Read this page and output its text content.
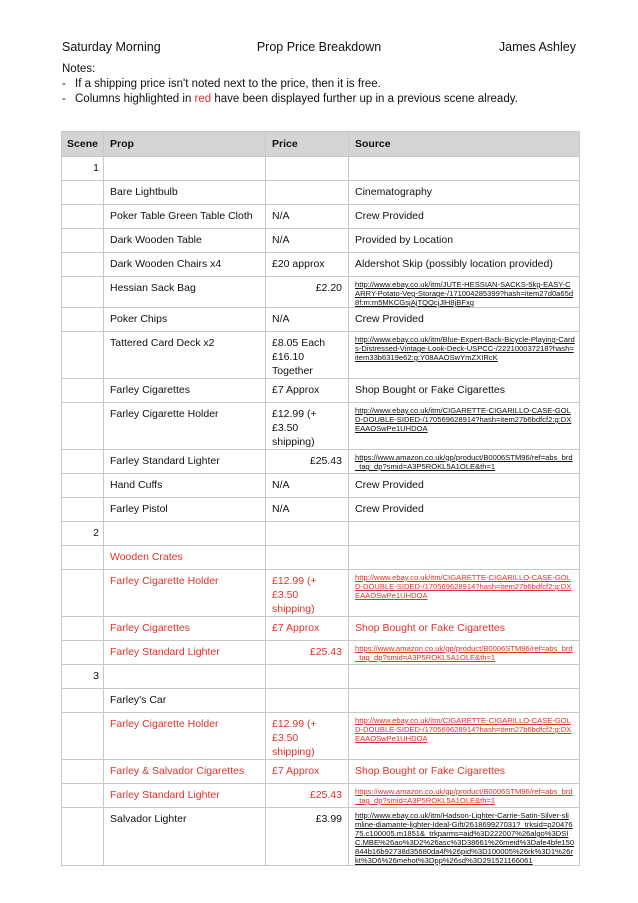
Saturday Morning	Prop Price Breakdown	James Ashley
Notes:
- If a shipping price isn't noted next to the price, then it is free.
- Columns highlighted in red have been displayed further up in a previous scene already.
Scene	Prop	Price	Source

1			

	Bare Lightbulb		Cinematography

	Poker Table Green Table Cloth	N/A	Crew Provided

	Dark Wooden Table	N/A	Provided by Location

	Dark Wooden Chairs x4	£20 approx	Aldershot Skip (possibly location provided)

	Hessian Sack Bag	£2.20	http://www.ebay.co.uk/itm/JUTE-HESSIAN-SACKS-5kg-EASY-CARRY-Potato-Veg-Storage-/171004285399?hash=item27d0a65d8f:m:m5MKCGsjAjTQQcjJlH8jBFxg

	Poker Chips	N/A	Crew Provided

	Tattered Card Deck x2	£8.05 Each £16.10 Together	http://www.ebay.co.uk/itm/Blue-Expert-Back-Bicycle-Playing-Cards-Distressed-Vintage-Look-Deck-USPCC-/222100037218?hash=item33b6319e62:g:Y08AAOSwYmZXIRcK

	Farley Cigarettes	£7 Approx	Shop Bought or Fake Cigarettes

	Farley Cigarette Holder	£12.99 (+£3.50 shipping)	http://www.ebay.co.uk/itm/CIGARETTE-CIGARILLO-CASE-GOLD-DOUBLE-SIDED-/170569628914?hash=item27b6bdfcf2:g:DXEAAOSwPe1UHDOA

	Farley Standard Lighter	£25.43	https://www.amazon.co.uk/gp/product/B0006STM96/ref=abs_brd_tag_dp?smid=A3P5ROKL5A1OLE&th=1

	Hand Cuffs	N/A	Crew Provided

	Farley Pistol	N/A	Crew Provided

2			

	Wooden Crates		

	Farley Cigarette Holder	£12.99 (+£3.50 shipping)	http://www.ebay.co.uk/itm/CIGARETTE-CIGARILLO-CASE-GOLD-DOUBLE-SIDED-/170569628914?hash=item27b6bdfcf2:g:DXEAAOSwPe1UHDOA

	Farley Cigarettes	£7 Approx	Shop Bought or Fake Cigarettes

	Farley Standard Lighter	£25.43	https://www.amazon.co.uk/gp/product/B0006STM96/ref=abs_brd_tag_dp?smid=A3P5ROKL5A1OLE&th=1

3			

	Farley's Car		

	Farley Cigarette Holder	£12.99 (+£3.50 shipping)	http://www.ebay.co.uk/itm/CIGARETTE-CIGARILLO-CASE-GOLD-DOUBLE-SIDED-/170569628914?hash=item27b6bdfcf2:g:DXEAAOSwPe1UHDOA

	Farley & Salvador Cigarettes	£7 Approx	Shop Bought or Fake Cigarettes

	Farley Standard Lighter	£25.43	https://www.amazon.co.uk/gp/product/B0006STM96/ref=abs_brd_tag_dp?smid=A3P5ROKL5A1OLE&th=1

	Salvador Lighter	£3.99	http://www.ebay.co.uk/itm/Hadson-Lighter-Carrie-Satin-Silver-slimline-diamante-lighter-Ideal-Gift/261869927031?_trksid=p2047675.c100005.m1851&_trkparms=aid%3D222007%26algo%3DSIC.MBE%26ao%3D2%26asc%3D38661%26meid%3Dafe4bfe150844b16b92738d35680da4f%26pid%3D100005%26rk%3D1%26rkt%3D6%26mehot%3Dpp%26sd%3D291521166061
